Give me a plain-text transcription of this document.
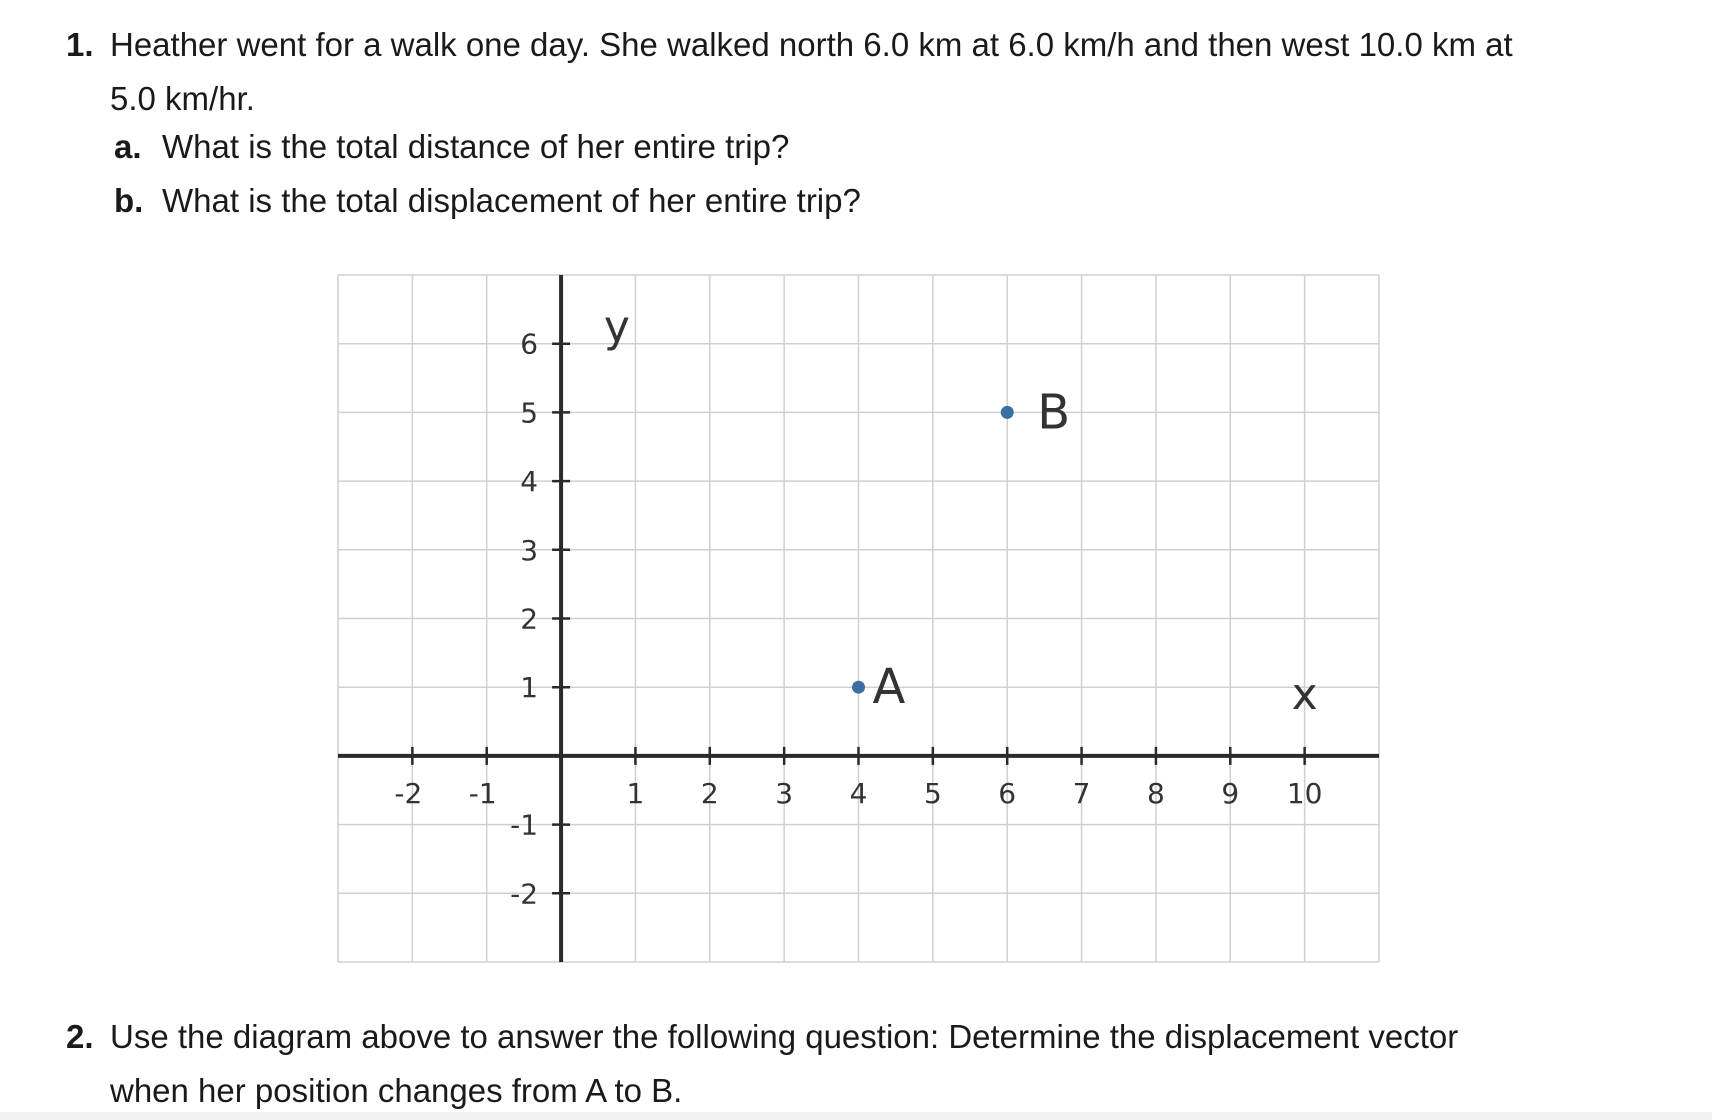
1. Heather went for a walk one day. She walked north 6.0 km at 6.0 km/h and then west 10.0 km at
5.0 km/hr.
a. What is the total distance of her entire trip?
b. What is the total displacement of her entire trip?
-2 -1	1 2 3 4 5 6 7 8 9 10
-2
-1
1
2
3
4
5
6
x
y
A
B
2. Use the diagram above to answer the following question: Determine the displacement vector
when her position changes from A to B.
